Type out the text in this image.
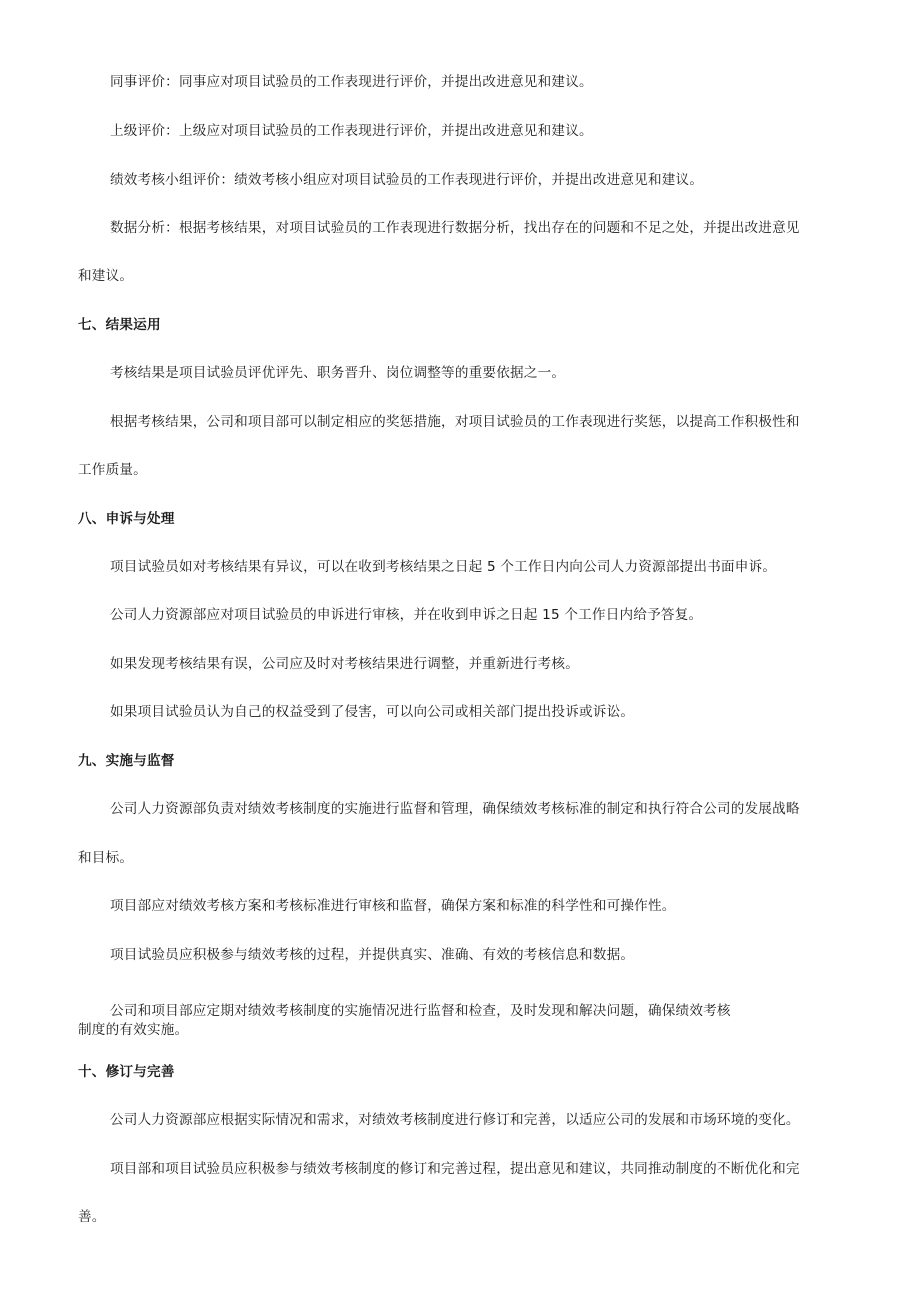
同事评价：同事应对项目试验员的工作表现进行评价，并提出改进意见和建议。
上级评价：上级应对项目试验员的工作表现进行评价，并提出改进意见和建议。
绩效考核小组评价：绩效考核小组应对项目试验员的工作表现进行评价，并提出改进意见和建议。
数据分析：根据考核结果，对项目试验员的工作表现进行数据分析，找出存在的问题和不足之处，并提出改进意见
和建议。
七、结果运用
考核结果是项目试验员评优评先、职务晋升、岗位调整等的重要依据之一。
根据考核结果，公司和项目部可以制定相应的奖惩措施，对项目试验员的工作表现进行奖惩，以提高工作积极性和
工作质量。
八、申诉与处理
项目试验员如对考核结果有异议，可以在收到考核结果之日起 5 个工作日内向公司人力资源部提出书面申诉。
公司人力资源部应对项目试验员的申诉进行审核，并在收到申诉之日起 15 个工作日内给予答复。
如果发现考核结果有误，公司应及时对考核结果进行调整，并重新进行考核。
如果项目试验员认为自己的权益受到了侵害，可以向公司或相关部门提出投诉或诉讼。
九、实施与监督
公司人力资源部负责对绩效考核制度的实施进行监督和管理，确保绩效考核标准的制定和执行符合公司的发展战略
和目标。
项目部应对绩效考核方案和考核标准进行审核和监督，确保方案和标准的科学性和可操作性。
项目试验员应积极参与绩效考核的过程，并提供真实、准确、有效的考核信息和数据。
公司和项目部应定期对绩效考核制度的实施情况进行监督和检查，及时发现和解决问题，确保绩效考核
制度的有效实施。
十、修订与完善
公司人力资源部应根据实际情况和需求，对绩效考核制度进行修订和完善，以适应公司的发展和市场环境的变化。
项目部和项目试验员应积极参与绩效考核制度的修订和完善过程，提出意见和建议，共同推动制度的不断优化和完
善。
